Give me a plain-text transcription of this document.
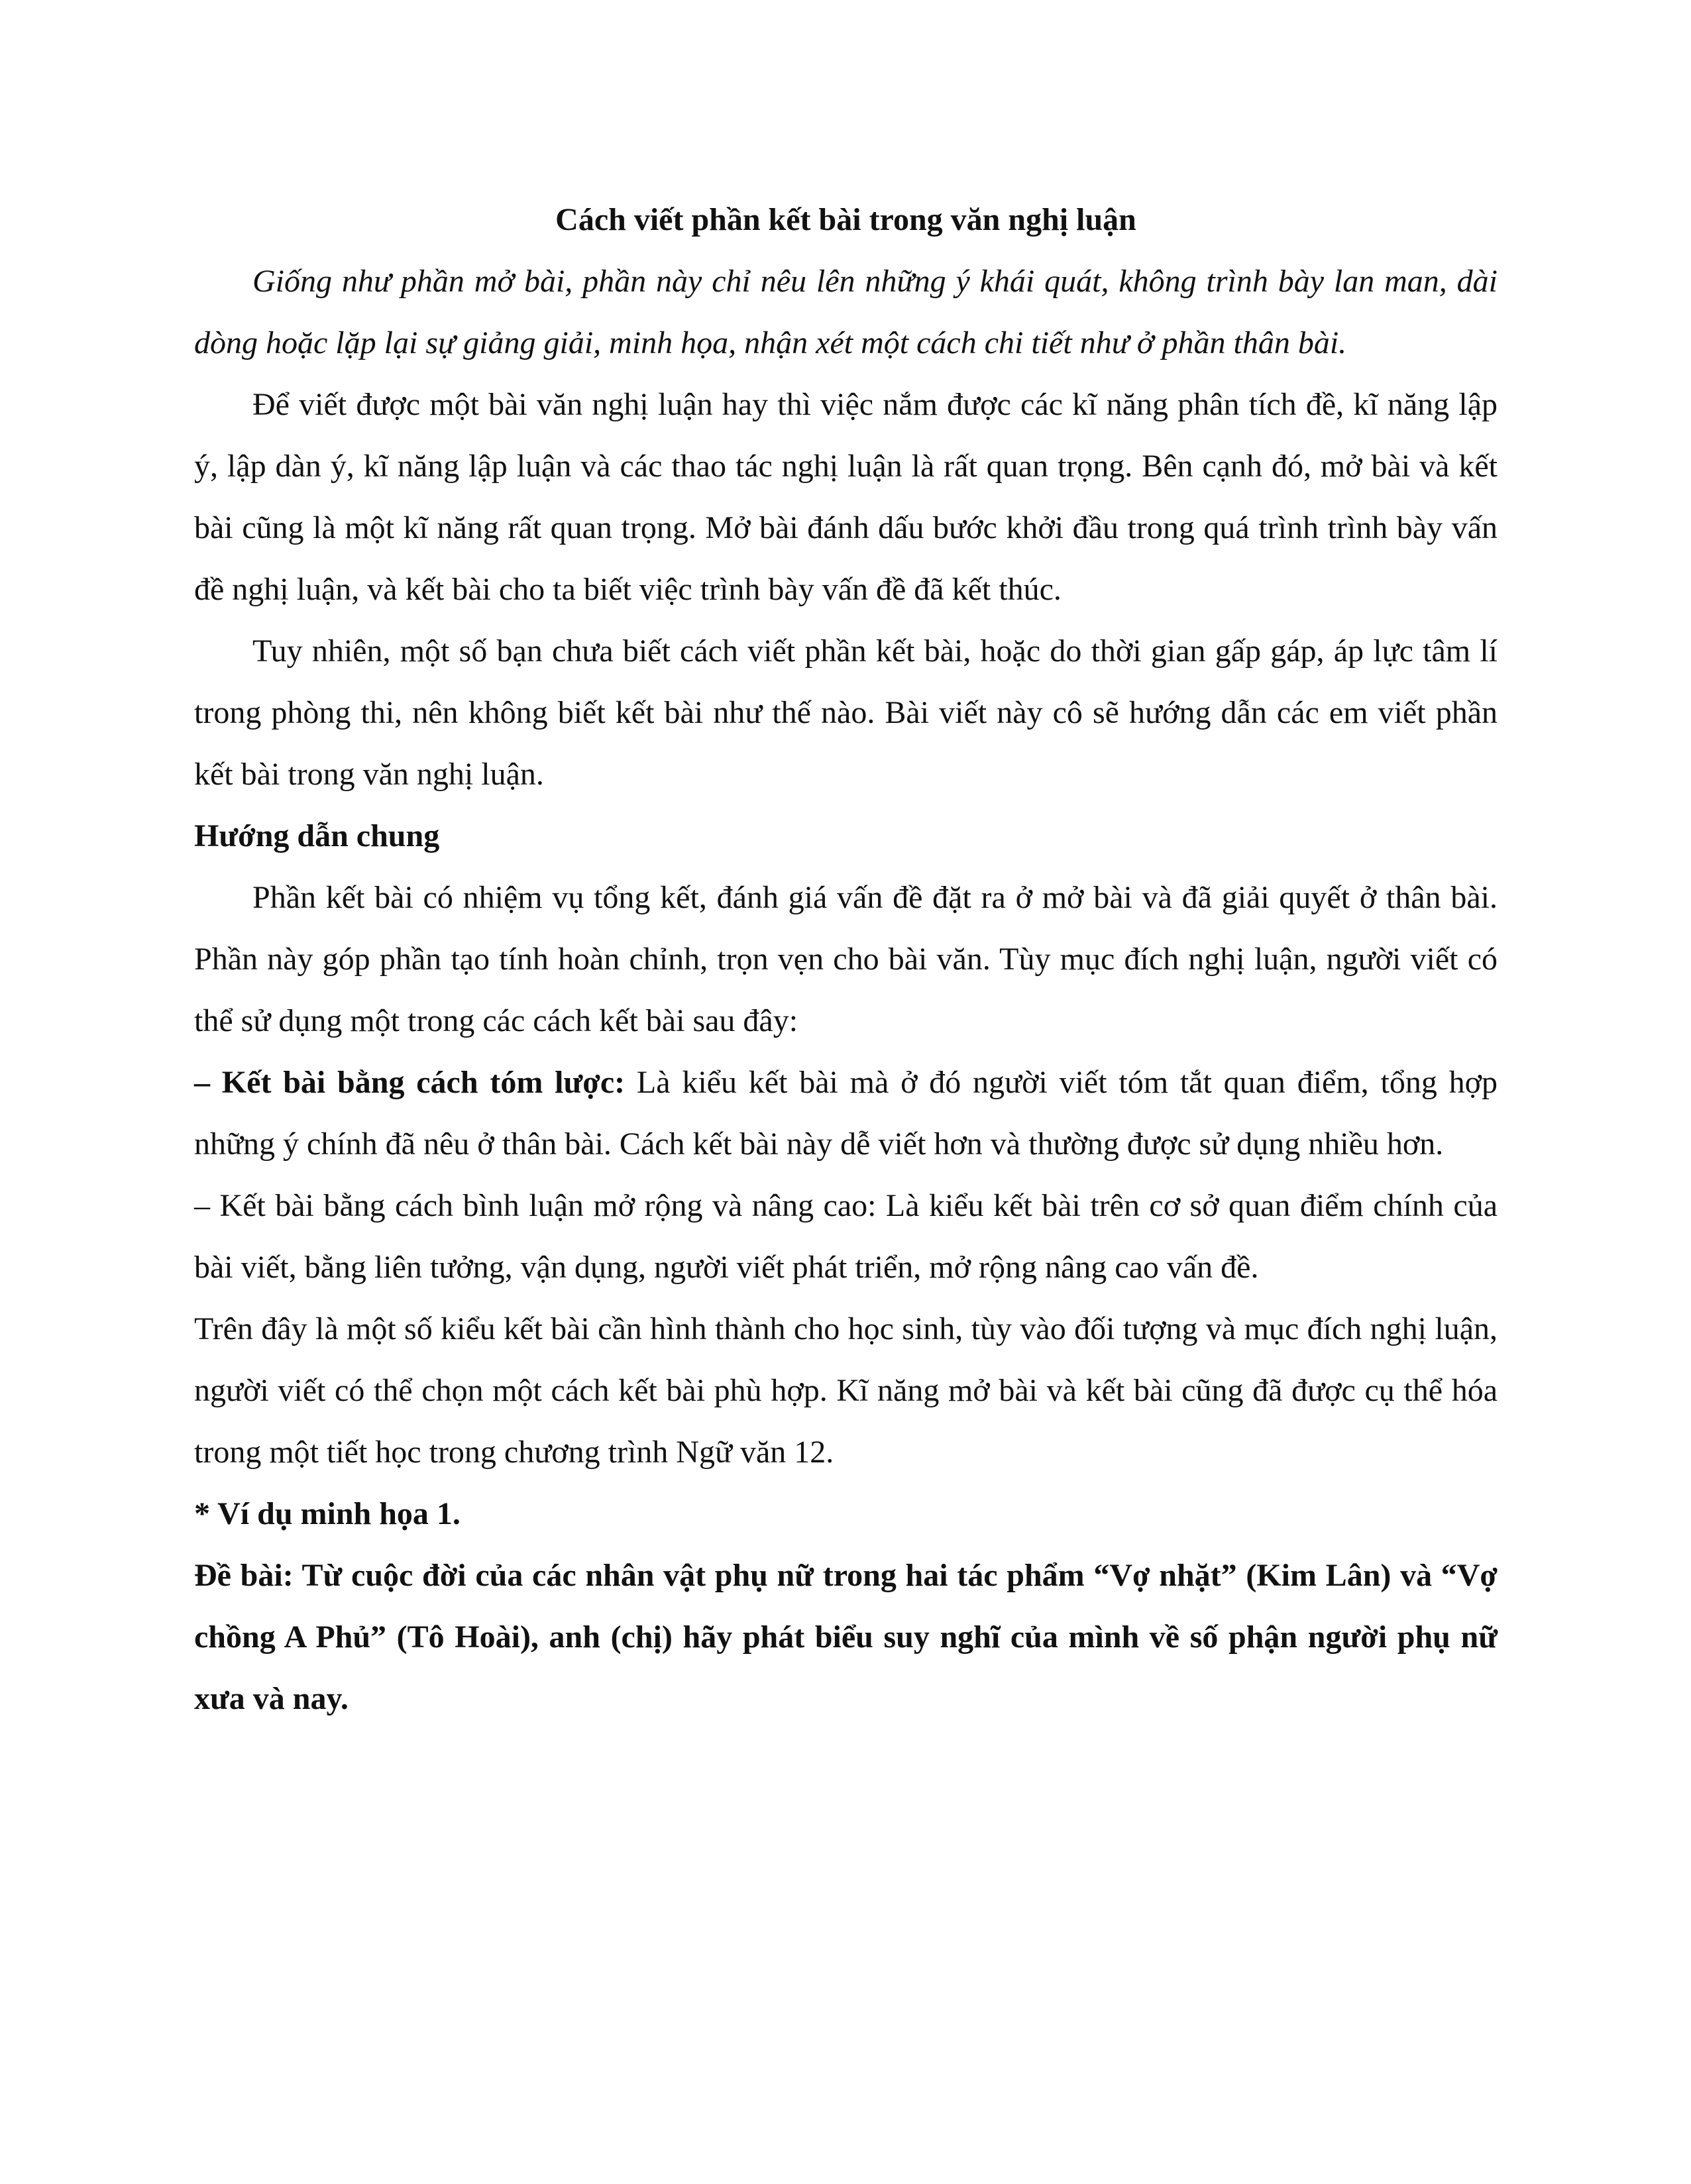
Cách viết phần kết bài trong văn nghị luận

Giống như phần mở bài, phần này chỉ nêu lên những ý khái quát, không trình bày lan man, dài dòng hoặc lặp lại sự giảng giải, minh họa, nhận xét một cách chi tiết như ở phần thân bài.

Để viết được một bài văn nghị luận hay thì việc nắm được các kĩ năng phân tích đề, kĩ năng lập ý, lập dàn ý, kĩ năng lập luận và các thao tác nghị luận là rất quan trọng. Bên cạnh đó, mở bài và kết bài cũng là một kĩ năng rất quan trọng. Mở bài đánh dấu bước khởi đầu trong quá trình trình bày vấn đề nghị luận, và kết bài cho ta biết việc trình bày vấn đề đã kết thúc.

Tuy nhiên, một số bạn chưa biết cách viết phần kết bài, hoặc do thời gian gấp gáp, áp lực tâm lí trong phòng thi, nên không biết kết bài như thế nào. Bài viết này cô sẽ hướng dẫn các em viết phần kết bài trong văn nghị luận.

Hướng dẫn chung

Phần kết bài có nhiệm vụ tổng kết, đánh giá vấn đề đặt ra ở mở bài và đã giải quyết ở thân bài. Phần này góp phần tạo tính hoàn chỉnh, trọn vẹn cho bài văn. Tùy mục đích nghị luận, người viết có thể sử dụng một trong các cách kết bài sau đây:

– Kết bài bằng cách tóm lược: Là kiểu kết bài mà ở đó người viết tóm tắt quan điểm, tổng hợp những ý chính đã nêu ở thân bài. Cách kết bài này dễ viết hơn và thường được sử dụng nhiều hơn.

– Kết bài bằng cách bình luận mở rộng và nâng cao: Là kiểu kết bài trên cơ sở quan điểm chính của bài viết, bằng liên tưởng, vận dụng, người viết phát triển, mở rộng nâng cao vấn đề.

Trên đây là một số kiểu kết bài cần hình thành cho học sinh, tùy vào đối tượng và mục đích nghị luận, người viết có thể chọn một cách kết bài phù hợp. Kĩ năng mở bài và kết bài cũng đã được cụ thể hóa trong một tiết học trong chương trình Ngữ văn 12.

* Ví dụ minh họa 1.

Đề bài: Từ cuộc đời của các nhân vật phụ nữ trong hai tác phẩm “Vợ nhặt” (Kim Lân) và “Vợ chồng A Phủ” (Tô Hoài), anh (chị) hãy phát biểu suy nghĩ của mình về số phận người phụ nữ xưa và nay.
